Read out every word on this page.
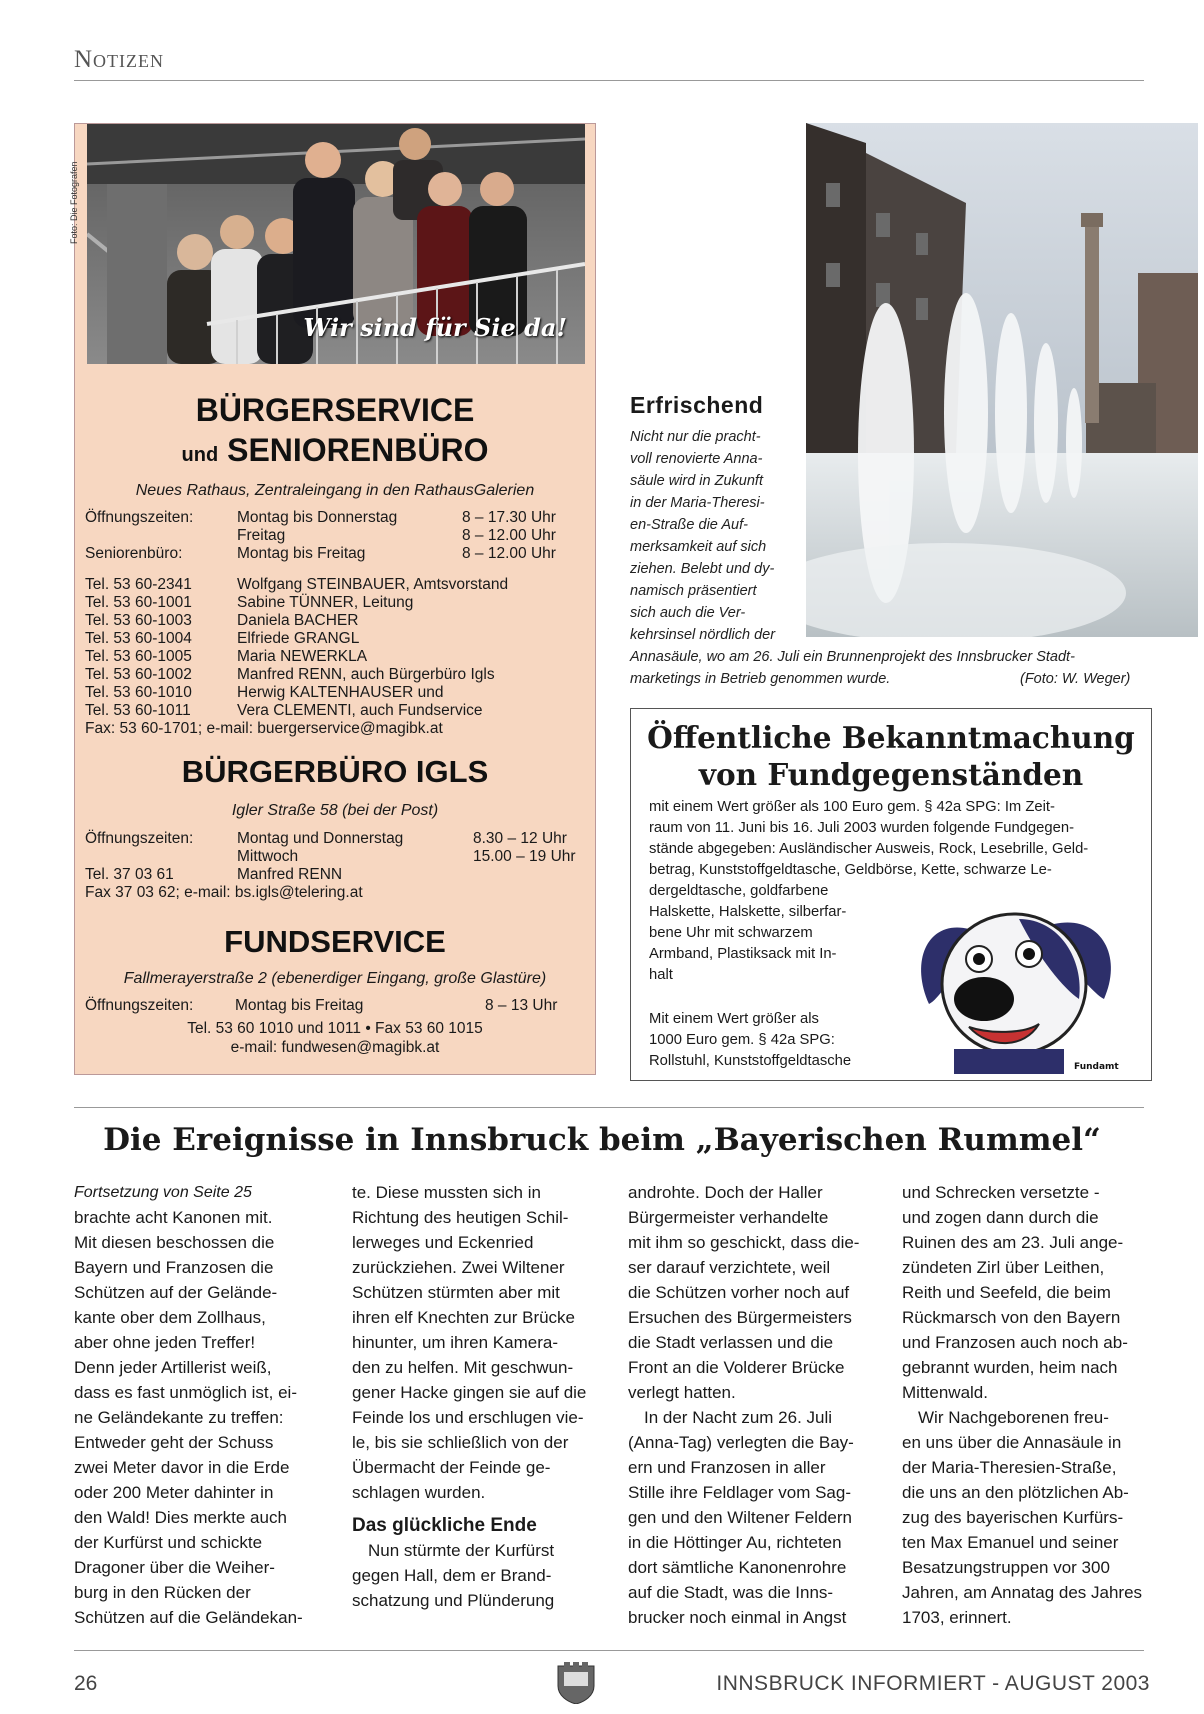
Notizen
Wir sind für Sie da!
Foto: Die Fotografen
BÜRGERSERVICE
und SENIORENBÜRO
Neues Rathaus, Zentraleingang in den RathausGalerien
Öffnungszeiten:	Montag bis Donnerstag	8 – 17.30 Uhr
Freitag	8 – 12.00 Uhr
Seniorenbüro:	Montag bis Freitag	8 – 12.00 Uhr
Tel. 53 60-2341	Wolfgang STEINBAUER, Amtsvorstand
Tel. 53 60-1001	Sabine TÜNNER, Leitung
Tel. 53 60-1003	Daniela BACHER
Tel. 53 60-1004	Elfriede GRANGL
Tel. 53 60-1005	Maria NEWERKLA
Tel. 53 60-1002	Manfred RENN, auch Bürgerbüro Igls
Tel. 53 60-1010	Herwig KALTENHAUSER und
Tel. 53 60-1011	Vera CLEMENTI, auch Fundservice
Fax: 53 60-1701; e-mail: buergerservice@magibk.at
BÜRGERBÜRO IGLS
Igler Straße 58 (bei der Post)
Öffnungszeiten:	Montag und Donnerstag	8.30 – 12 Uhr
Mittwoch	15.00 – 19 Uhr
Tel. 37 03 61	Manfred RENN
Fax 37 03 62; e-mail: bs.igls@telering.at
FUNDSERVICE
Fallmerayerstraße 2 (ebenerdiger Eingang, große Glastüre)
Öffnungszeiten:	Montag bis Freitag	8 – 13 Uhr
Tel. 53 60 1010 und 1011 • Fax 53 60 1015
e-mail: fundwesen@magibk.at
Erfrischend
Nicht nur die pracht-
voll renovierte Anna-
säule wird in Zukunft
in der Maria-Theresi-
en-Straße die Auf-
merksamkeit auf sich
ziehen. Belebt und dy-
namisch präsentiert
sich auch die Ver-
kehrsinsel nördlich der
Annasäule, wo am 26. Juli ein Brunnenprojekt des Innsbrucker Stadt-
marketings in Betrieb genommen wurde.	(Foto: W. Weger)
Öffentliche Bekanntmachung
von Fundgegenständen
mit einem Wert größer als 100 Euro gem. § 42a SPG: Im Zeit-
raum von 11. Juni bis 16. Juli 2003 wurden folgende Fundgegen-
stände abgegeben: Ausländischer Ausweis, Rock, Lesebrille, Geld-
betrag, Kunststoffgeldtasche, Geldbörse, Kette, schwarze Le-
dergeldtasche, goldfarbene
Halskette, Halskette, silberfar-
bene Uhr mit schwarzem
Armband, Plastiksack mit In-
halt
Mit einem Wert größer als
1000 Euro gem. § 42a SPG:
Rollstuhl, Kunststoffgeldtasche	Fundamt
Die Ereignisse in Innsbruck beim „Bayerischen Rummel“
Fortsetzung von Seite 25
brachte acht Kanonen mit.
Mit diesen beschossen die
Bayern und Franzosen die
Schützen auf der Gelände-
kante ober dem Zollhaus,
aber ohne jeden Treffer!
Denn jeder Artillerist weiß,
dass es fast unmöglich ist, ei-
ne Geländekante zu treffen:
Entweder geht der Schuss
zwei Meter davor in die Erde
oder 200 Meter dahinter in
den Wald! Dies merkte auch
der Kurfürst und schickte
Dragoner über die Weiher-
burg in den Rücken der
Schützen auf die Geländekan-
te. Diese mussten sich in
Richtung des heutigen Schil-
lerweges und Eckenried
zurückziehen. Zwei Wiltener
Schützen stürmten aber mit
ihren elf Knechten zur Brücke
hinunter, um ihren Kamera-
den zu helfen. Mit geschwun-
gener Hacke gingen sie auf die
Feinde los und erschlugen vie-
le, bis sie schließlich von der
Übermacht der Feinde ge-
schlagen wurden.
Das glückliche Ende
Nun stürmte der Kurfürst
gegen Hall, dem er Brand-
schatzung und Plünderung
androhte. Doch der Haller
Bürgermeister verhandelte
mit ihm so geschickt, dass die-
ser darauf verzichtete, weil
die Schützen vorher noch auf
Ersuchen des Bürgermeisters
die Stadt verlassen und die
Front an die Volderer Brücke
verlegt hatten.
In der Nacht zum 26. Juli
(Anna-Tag) verlegten die Bay-
ern und Franzosen in aller
Stille ihre Feldlager vom Sag-
gen und den Wiltener Feldern
in die Höttinger Au, richteten
dort sämtliche Kanonenrohre
auf die Stadt, was die Inns-
brucker noch einmal in Angst
und Schrecken versetzte -
und zogen dann durch die
Ruinen des am 23. Juli ange-
zündeten Zirl über Leithen,
Reith und Seefeld, die beim
Rückmarsch von den Bayern
und Franzosen auch noch ab-
gebrannt wurden, heim nach
Mittenwald.
Wir Nachgeborenen freu-
en uns über die Annasäule in
der Maria-Theresien-Straße,
die uns an den plötzlichen Ab-
zug des bayerischen Kurfürs-
ten Max Emanuel und seiner
Besatzungstruppen vor 300
Jahren, am Annatag des Jahres
1703, erinnert.
26	INNSBRUCK INFORMIERT - AUGUST 2003
